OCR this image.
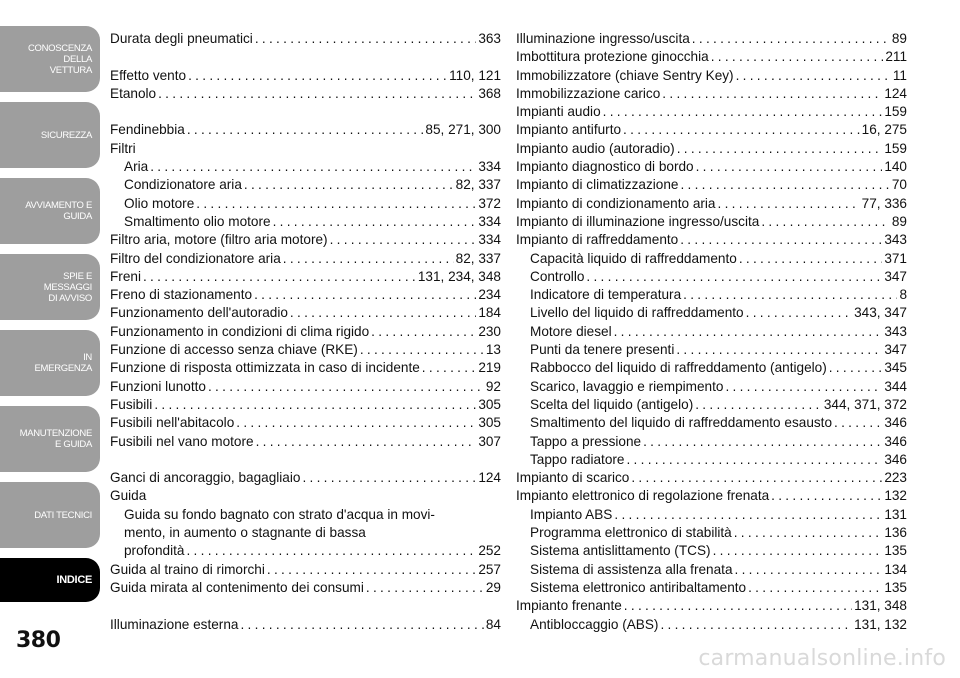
CONOSCENZA DELLA
VETTURA
SICUREZZA
AVVIAMENTO E
GUIDA
SPIE E
MESSAGGI
DI AVVISO
IN
EMERGENZA
MANUTENZIONE
E GUIDA
DATI TECNICI
INDICE
380
Durata degli pneumatici .....	363
Effetto vento .....	110, 121
Etanolo .....	368
Fendinebbia .....	85, 271, 300
Filtri
Aria .....	334
Condizionatore aria .....	82, 337
Olio motore .....	372
Smaltimento olio motore .....	334
Filtro aria, motore (filtro aria motore) .....	334
Filtro del condizionatore aria .....	82, 337
Freni .....	131, 234, 348
Freno di stazionamento .....	234
Funzionamento dell'autoradio .....	184
Funzionamento in condizioni di clima rigido .....	230
Funzione di accesso senza chiave (RKE) .....	13
Funzione di risposta ottimizzata in caso di incidente .....	219
Funzioni lunotto .....	92
Fusibili .....	305
Fusibili nell'abitacolo .....	305
Fusibili nel vano motore .....	307
Ganci di ancoraggio, bagagliaio .....	124
Guida
Guida su fondo bagnato con strato d'acqua in movi-
mento, in aumento o stagnante di bassa
profondità .....	252
Guida al traino di rimorchi .....	257
Guida mirata al contenimento dei consumi .....	29
Illuminazione esterna .....	84
Illuminazione ingresso/uscita .....	89
Imbottitura protezione ginocchia .....	211
Immobilizzatore (chiave Sentry Key) .....	11
Immobilizzazione carico .....	124
Impianti audio .....	159
Impianto antifurto .....	16, 275
Impianto audio (autoradio) .....	159
Impianto diagnostico di bordo .....	140
Impianto di climatizzazione .....	70
Impianto di condizionamento aria .....	77, 336
Impianto di illuminazione ingresso/uscita .....	89
Impianto di raffreddamento .....	343
Capacità liquido di raffreddamento .....	371
Controllo .....	347
Indicatore di temperatura .....	8
Livello del liquido di raffreddamento .....	343, 347
Motore diesel .....	343
Punti da tenere presenti .....	347
Rabbocco del liquido di raffreddamento (antigelo) .....	345
Scarico, lavaggio e riempimento .....	344
Scelta del liquido (antigelo) .....	344, 371, 372
Smaltimento del liquido di raffreddamento esausto .....	346
Tappo a pressione .....	346
Tappo radiatore .....	346
Impianto di scarico .....	223
Impianto elettronico di regolazione frenata .....	132
Impianto ABS .....	131
Programma elettronico di stabilità .....	136
Sistema antislittamento (TCS) .....	135
Sistema di assistenza alla frenata .....	134
Sistema elettronico antiribaltamento .....	135
Impianto frenante .....	131, 348
Antibloccaggio (ABS) .....	131, 132
carmanualsonline.info
